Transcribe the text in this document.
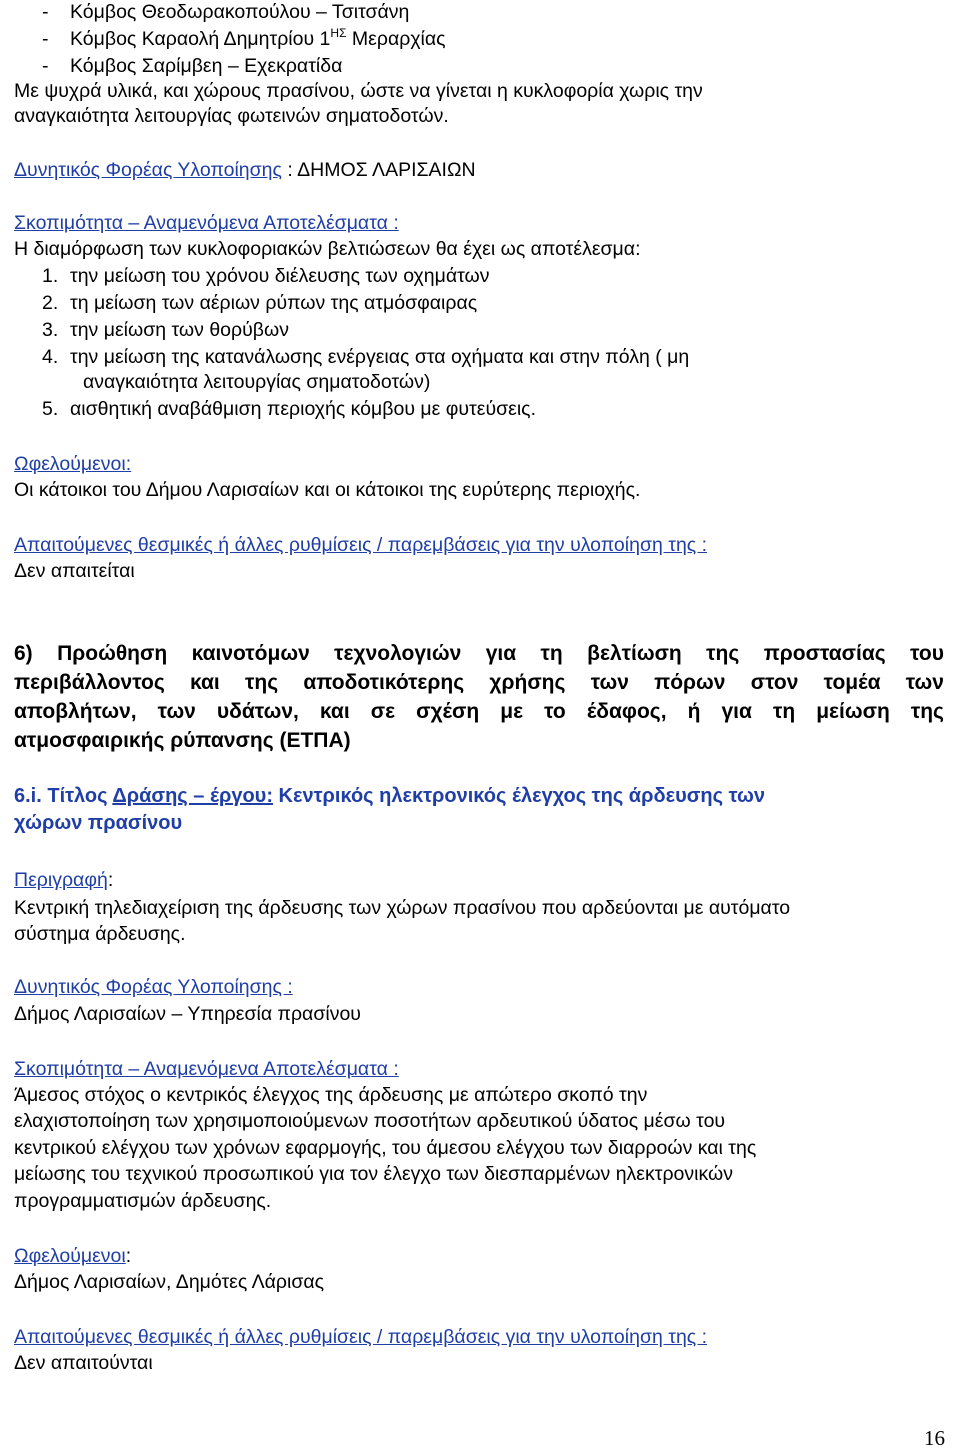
- Κόμβος Θεοδωρακοπούλου – Τσιτσάνη
- Κόμβος Καραολή Δημητρίου $1^{H\Sigma}$ Μεραρχίας
- Κόμβος Σαρίμβεη – Εχεκρατίδα
Με ψυχρά υλικά, και χώρους πρασίνου, ώστε να γίνεται η κυκλοφορία χωρις την
αναγκαιότητα λειτουργίας φωτεινών σηματοδοτών.
Δυνητικός Φορέας Υλοποίησης : ΔΗΜΟΣ ΛΑΡΙΣΑΙΩΝ
Σκοπιμότητα – Αναμενόμενα Αποτελέσματα :
Η διαμόρφωση των κυκλοφοριακών βελτιώσεων θα έχει ως αποτέλεσμα:
1. την μείωση του χρόνου διέλευσης των οχημάτων
2. τη μείωση των αέριων ρύπων της ατμόσφαιρας
3. την μείωση των θορύβων
4. την μείωση της κατανάλωσης ενέργειας στα οχήματα και στην πόλη ( μη
αναγκαιότητα λειτουργίας σηματοδοτών)
5. αισθητική αναβάθμιση περιοχής κόμβου με φυτεύσεις.
Ωφελούμενοι:
Οι κάτοικοι του Δήμου Λαρισαίων και οι κάτοικοι της ευρύτερης περιοχής.
Απαιτούμενες θεσμικές ή άλλες ρυθμίσεις / παρεμβάσεις για την υλοποίηση της :
Δεν απαιτείται
6) Προώθηση καινοτόμων τεχνολογιών για τη βελτίωση της προστασίας του
περιβάλλοντος και της αποδοτικότερης χρήσης των πόρων στον τομέα των
αποβλήτων, των υδάτων, και σε σχέση με το έδαφος, ή για τη μείωση της
ατμοσφαιρικής ρύπανσης (ΕΤΠΑ)
6.i. Τίτλος Δράσης – έργου: Κεντρικός ηλεκτρονικός έλεγχος της άρδευσης των
χώρων πρασίνου
Περιγραφή:
Κεντρική τηλεδιαχείριση της άρδευσης των χώρων πρασίνου που αρδεύονται με αυτόματο
σύστημα άρδευσης.
Δυνητικός Φορέας Υλοποίησης :
Δήμος Λαρισαίων – Υπηρεσία πρασίνου
Σκοπιμότητα – Αναμενόμενα Αποτελέσματα :
Άμεσος στόχος ο κεντρικός έλεγχος της άρδευσης με απώτερο σκοπό την
ελαχιστοποίηση των χρησιμοποιούμενων ποσοτήτων αρδευτικού ύδατος μέσω του
κεντρικού ελέγχου των χρόνων εφαρμογής, του άμεσου ελέγχου των διαρροών και της
μείωσης του τεχνικού προσωπικού για τον έλεγχο των διεσπαρμένων ηλεκτρονικών
προγραμματισμών άρδευσης.
Ωφελούμενοι:
Δήμος Λαρισαίων, Δημότες Λάρισας
Απαιτούμενες θεσμικές ή άλλες ρυθμίσεις / παρεμβάσεις για την υλοποίηση της :
Δεν απαιτούνται
16
